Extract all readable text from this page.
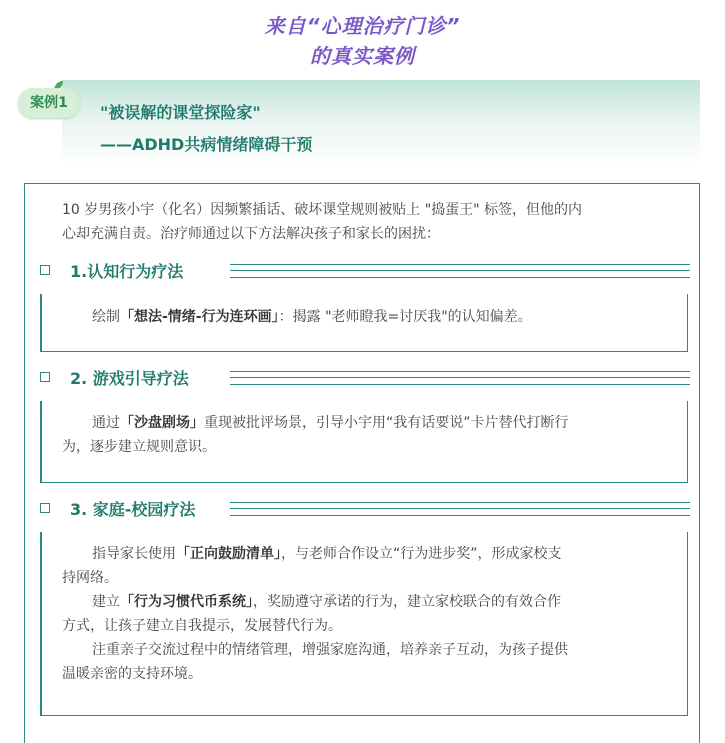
来自“心理治疗门诊”
的真实案例
案例1	"被误解的课堂探险家"
——ADHD共病情绪障碍干预
10 岁男孩小宇（化名）因频繁插话、破坏课堂规则被贴上 "捣蛋王" 标签，但他的内
心却充满自责。治疗师通过以下方法解决孩子和家长的困扰：
1.认知行为疗法
绘制「想法-情绪-行为连环画」：揭露 "老师瞪我=讨厌我"的认知偏差。
2. 游戏引导疗法
通过「沙盘剧场」重现被批评场景，引导小宇用“我有话要说”卡片替代打断行
为，逐步建立规则意识。
3. 家庭-校园疗法
指导家长使用「正向鼓励清单」，与老师合作设立“行为进步奖”，形成家校支
持网络。
建立「行为习惯代币系统」，奖励遵守承诺的行为，建立家校联合的有效合作
方式，让孩子建立自我提示，发展替代行为。
注重亲子交流过程中的情绪管理，增强家庭沟通，培养亲子互动，为孩子提供
温暖亲密的支持环境。
